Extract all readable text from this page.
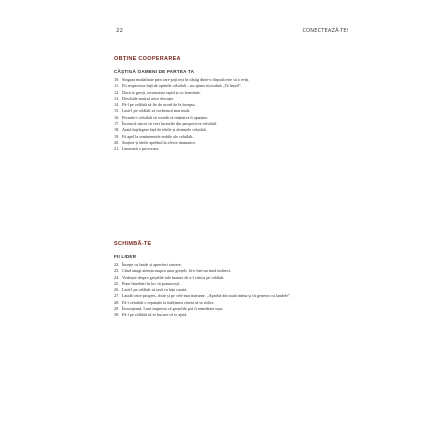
22	CONECTEAZĂ-TE!
OBȚINE COOPERAREA
CÂȘTIGĂ OAMENI DE PARTEA TA
10. Singura modalitate prin care poți ieși în câștig dintr-o dispută este să o eviți.
11. Fii respectuos față de opiniile celuilalt – nu spune niciodată „Te înșeli”.
12. Dacă ai greșit, recunoaște rapid și cu fermitate.
13. Deschide amical orice discuție.
14. Fă-l pe celălalt să fie de acord de la început.
15. Lasă-l pe celălalt să vorbească mai mult.
16. Permite-i celuilalt să creadă că inițiativa îi aparține.
17. Încearcă sincer să vezi lucrurile din perspectiva celuilalt.
18. Arată înțelegere față de ideile și dorințele celuilalt.
19. Fă apel la sentimentele nobile ale celuilalt.
20. Susține-ți ideile apelând la efecte dramatice.
21. Lansează o provocare.
SCHIMBĂ-TE
FII LIDER
22. Începe cu laude și aprecieri sincere.
23. Când atragi atenția asupra unor greșeli, fă-o într-un mod indirect.
24. Vorbește despre greșelile tale înainte de a-l critica pe celălalt.
25. Pune întrebări în loc să porunceşti.
26. Lasă-l pe celălalt să iasă cu fața curată.
27. Laudă orice progres, chiar și pe cele mai mărunte. „Aprobă din toată inima și fii generos cu laudele”.
28. Fă-i celuilalt o reputație la înălțimea căreia să se ridice.
29. Încurajează. Lasă impresia că greșelile pot fi remediate ușor.
30. Fă-l pe celălalt să se bucure că te ajută.
